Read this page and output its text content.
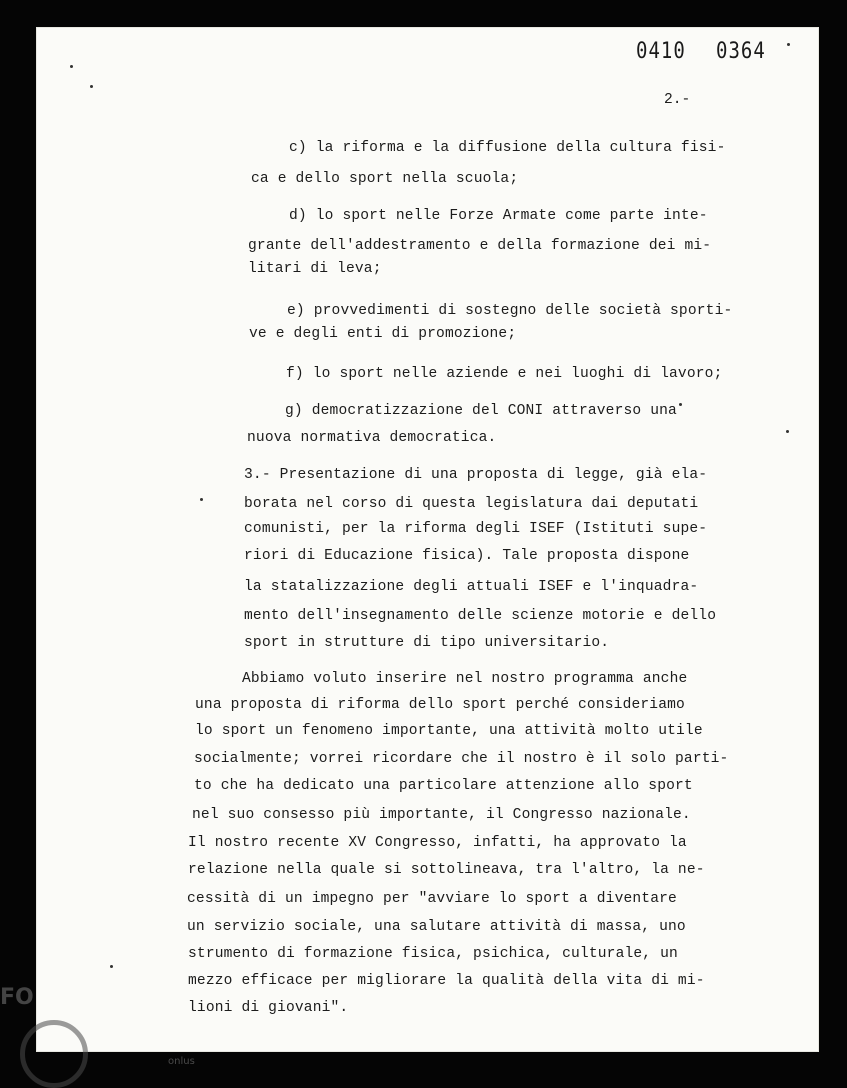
0410 0364
2.-
c) la riforma e la diffusione della cultura fisi-
ca e dello sport nella scuola;
d) lo sport nelle Forze Armate come parte inte-
grante dell'addestramento e della formazione dei mi-
litari di leva;
e) provvedimenti di sostegno delle società sporti-
ve e degli enti di promozione;
f) lo sport nelle aziende e nei luoghi di lavoro;
g) democratizzazione del CONI attraverso una
nuova normativa democratica.
3.- Presentazione di una proposta di legge, già ela-
borata nel corso di questa legislatura dai deputati
comunisti, per la riforma degli ISEF (Istituti supe-
riori di Educazione fisica). Tale proposta dispone
la statalizzazione degli attuali ISEF e l'inquadra-
mento dell'insegnamento delle scienze motorie e dello
sport in strutture di tipo universitario.
Abbiamo voluto inserire nel nostro programma anche
una proposta di riforma dello sport perché consideriamo
lo sport un fenomeno importante, una attività molto utile
socialmente; vorrei ricordare che il nostro è il solo parti-
to che ha dedicato una particolare attenzione allo sport
nel suo consesso più importante, il Congresso nazionale.
Il nostro recente XV Congresso, infatti, ha approvato la
relazione nella quale si sottolineava, tra l'altro, la ne-
cessità di un impegno per "avviare lo sport a diventare
un servizio sociale, una salutare attività di massa, uno
strumento di formazione fisica, psichica, culturale, un
mezzo efficace per migliorare la qualità della vita di mi-
lioni di giovani".
FO
onlus
